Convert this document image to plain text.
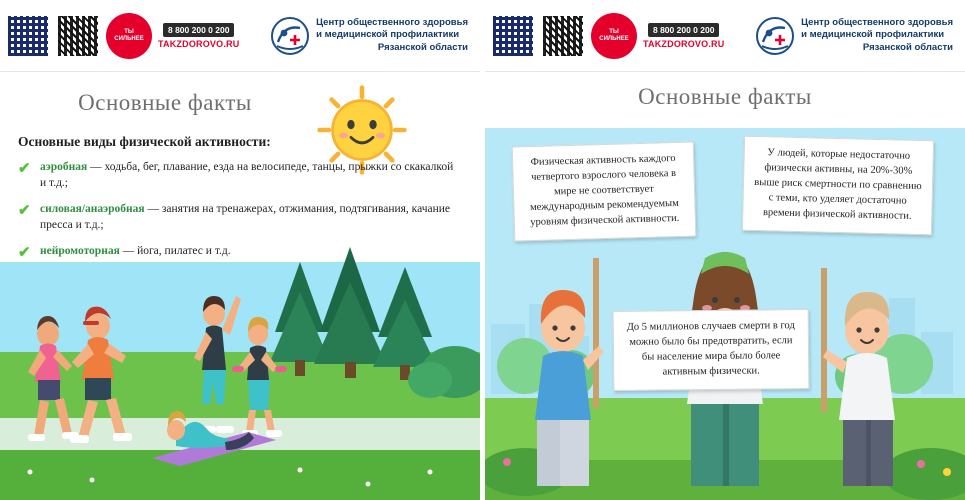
ТЫ СИЛЬНЕЕ
8 800 200 0 200
TAKZDOROVO.RU
Центр общественного здоровья
и медицинской профилактики

Рязанской области
Основные факты
Основные виды физической активности:
✔ аэробная — ходьба, бег, плавание, езда на велосипеде, танцы, прыжки со скакалкой и т.д.;
✔ силовая/анаэробная — занятия на тренажерах, отжимания, подтягивания, качание пресса и т.д.;
✔ нейромоторная — йога, пилатес и т.д.
ТЫ СИЛЬНЕЕ
8 800 200 0 200
TAKZDOROVO.RU
Центр общественного здоровья
и медицинской профилактики

Рязанской области
Основные факты
Физическая активность каждого четвертого взрослого человека в мире не соответствует международным рекомендуемым уровням физической активности.
У людей, которые недостаточно физически активны, на 20%-30% выше риск смертности по сравнению с теми, кто уделяет достаточно времени физической активности.
До 5 миллионов случаев смерти в год можно было бы предотвратить, если бы население мира было более активным физически.
